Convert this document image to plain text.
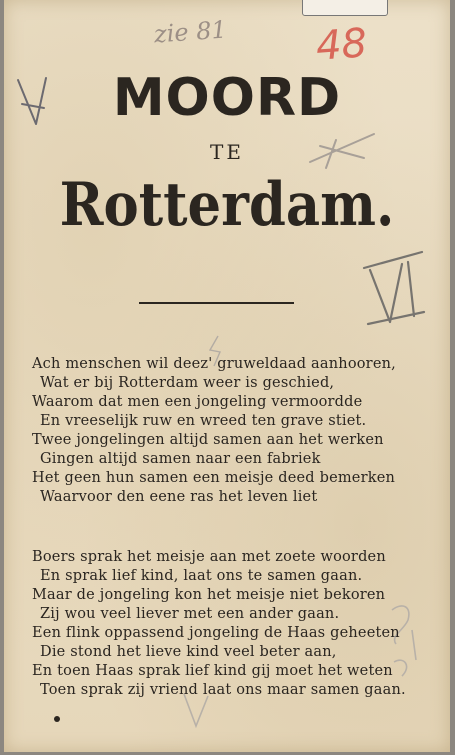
zie 81 48
MOORD
TE
Rotterdam.
Ach menschen wil deez' gruweldaad aanhooren,
Wat er bij Rotterdam weer is geschied,
Waarom dat men een jongeling vermoordde
En vreeselijk ruw en wreed ten grave stiet.
Twee jongelingen altijd samen aan het werken
Gingen altijd samen naar een fabriek
Het geen hun samen een meisje deed bemerken
Waarvoor den eene ras het leven liet
Boers sprak het meisje aan met zoete woorden
En sprak lief kind, laat ons te samen gaan.
Maar de jongeling kon het meisje niet bekoren
Zij wou veel liever met een ander gaan.
Een flink oppassend jongeling de Haas geheeten
Die stond het lieve kind veel beter aan,
En toen Haas sprak lief kind gij moet het weten
Toen sprak zij vriend laat ons maar samen gaan.
